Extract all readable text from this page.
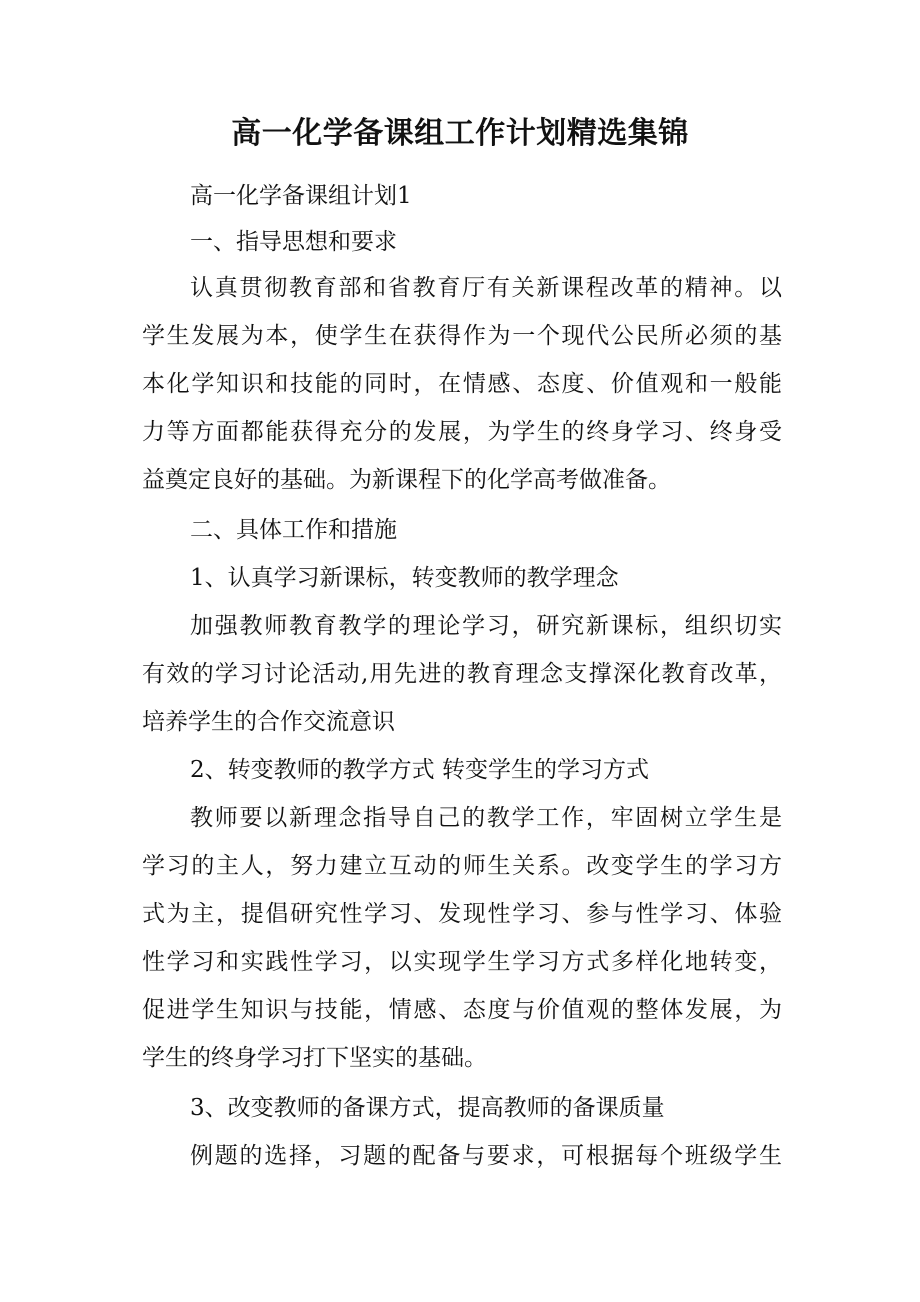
高一化学备课组工作计划精选集锦
高一化学备课组计划1
一、指导思想和要求
认真贯彻教育部和省教育厅有关新课程改革的精神。以
学生发展为本，使学生在获得作为一个现代公民所必须的基
本化学知识和技能的同时，在情感、态度、价值观和一般能
力等方面都能获得充分的发展，为学生的终身学习、终身受
益奠定良好的基础。为新课程下的化学高考做准备。
二、具体工作和措施
1、认真学习新课标，转变教师的教学理念
加强教师教育教学的理论学习，研究新课标，组织切实
有效的学习讨论活动,用先进的教育理念支撑深化教育改革，
培养学生的合作交流意识
2、转变教师的教学方式 转变学生的学习方式
教师要以新理念指导自己的教学工作，牢固树立学生是
学习的主人，努力建立互动的师生关系。改变学生的学习方
式为主，提倡研究性学习、发现性学习、参与性学习、体验
性学习和实践性学习，以实现学生学习方式多样化地转变，
促进学生知识与技能，情感、态度与价值观的整体发展，为
学生的终身学习打下坚实的基础。
3、改变教师的备课方式，提高教师的备课质量
例题的选择，习题的配备与要求，可根据每个班级学生
